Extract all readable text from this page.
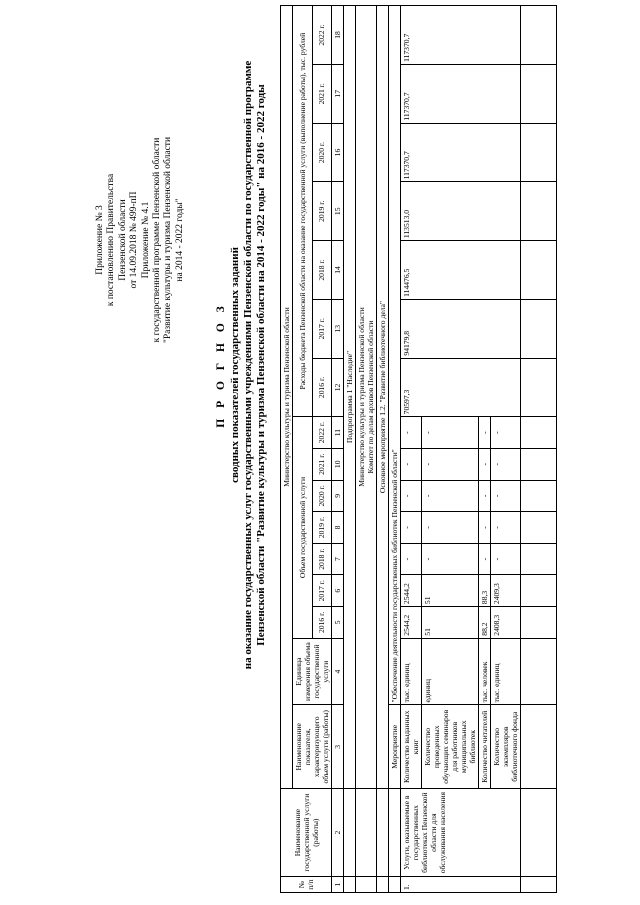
Приложение № 3 к постановлению Правительства Пензенской области от 14.09.2018 № 499-пП Приложение № 4.1 к государственной программе Пензенской области "Развитие культуры и туризма Пензенской области на 2014 - 2022 годы"
П Р О Г Н О З сводных показателей государственных заданий на оказание государственных услуг государственными учреждениями Пензенской области по государственной программе Пензенской области "Развитие культуры и туризма Пензенской области на 2014 - 2022 годы" на 2016 - 2022 годы
№ п/п	Наименование государственной услуги (работы)	Министерство культуры и туризма Пензенской области															
		Наименование показателя, характеризующего объем услуги (работы)	Единица измерения объема государственной услуги	Объем государственной услуги							Расходы бюджета Пензенской области на оказание государственной услуги (выполнение работы), тыс. рублей						
				2016 г.	2017 г.	2018 г.	2019 г.	2020 г.	2021 г.	2022 г.	2016 г.	2017 г.	2018 г.	2019 г.	2020 г.	2021 г.	2022 г.
1	2	3	4	5	6	7	8	9	10	11	12	13	14	15	16	17	18
		Подпрограмма 1 "Наследие"															

		Министерство культуры и туризма Пензенской области Комитет по делам архивов Пензенской области															

		Основное мероприятие 1.2. "Развитие библиотечного дела"															
		Мероприятие	"Обеспечение деятельности государственных библиотек Пензенской области"														
1.	Услуги, оказываемые в государственных библиотеках Пензенской области для обслуживания населения	Количество выданных книг	тыс. единиц	2544,2	2544,2	-	-	-	-	-	70597,3	94179,8	114476,5	113513,0	117370,7	117370,7	117370,7
		Количество проведенных обучающих семинаров для работников муниципальных библиотек	единиц	51	51	-	-	-	-	-							
		Количество читателей	тыс. человек	88,2	88,3	-	-	-	-	-							
		Количество экземпляров библиотечного фонда	тыс. единиц	2408,3	2409,3	-	-	-	-	-							
